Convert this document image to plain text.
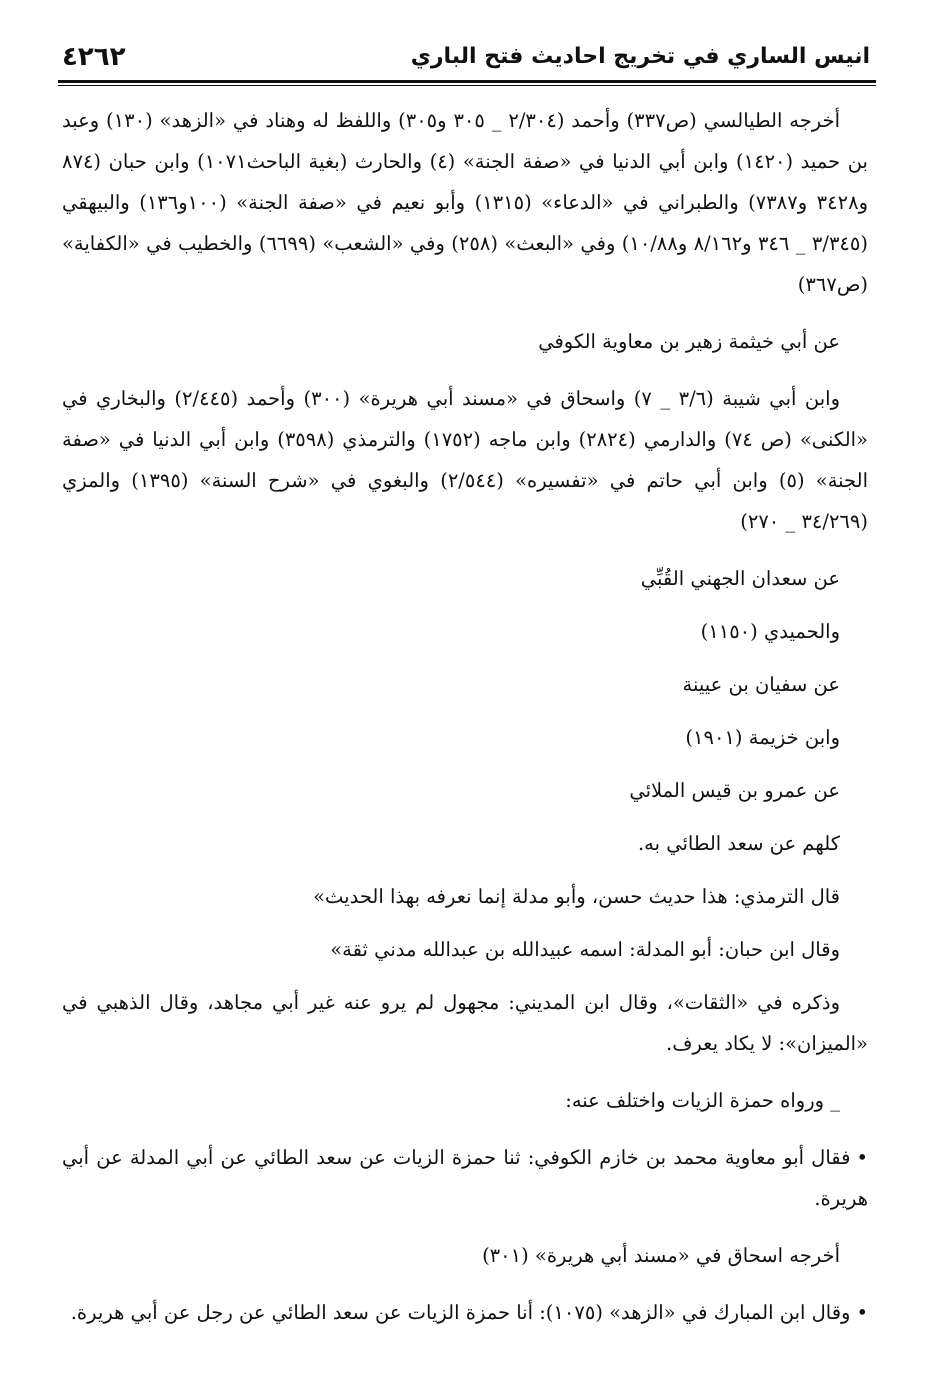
٤٢٦٢	انيس الساري في تخريج احاديث فتح الباري

أخرجه الطيالسي (ص٣٣٧) وأحمد (٢/٣٠٤ _ ٣٠٥ و٣٠٥) واللفظ له وهناد في «الزهد» (١٣٠) وعبد بن حميد (١٤٢٠) وابن أبي الدنيا في «صفة الجنة» (٤) والحارث (بغية الباحث١٠٧١) وابن حبان (٨٧٤ و٣٤٢٨ و٧٣٨٧) والطبراني في «الدعاء» (١٣١٥) وأبو نعيم في «صفة الجنة» (١٠٠و١٣٦) والبيهقي (٣/٣٤٥ _ ٣٤٦ و٨/١٦٢ و١٠/٨٨) وفي «البعث» (٢٥٨) وفي «الشعب» (٦٦٩٩) والخطيب في «الكفاية» (ص٣٦٧)

عن أبي خيثمة زهير بن معاوية الكوفي

وابن أبي شيبة (٣/٦ _ ٧) واسحاق في «مسند أبي هريرة» (٣٠٠) وأحمد (٢/٤٤٥) والبخاري في «الكنى» (ص ٧٤) والدارمي (٢٨٢٤) وابن ماجه (١٧٥٢) والترمذي (٣٥٩٨) وابن أبي الدنيا في «صفة الجنة» (٥) وابن أبي حاتم في «تفسيره» (٢/٥٤٤) والبغوي في «شرح السنة» (١٣٩٥) والمزي (٣٤/٢٦٩ _ ٢٧٠)

عن سعدان الجهني القُبِّي

والحميدي (١١٥٠)

عن سفيان بن عيينة

وابن خزيمة (١٩٠١)

عن عمرو بن قيس الملائي

كلهم عن سعد الطائي به.

قال الترمذي: هذا حديث حسن، وأبو مدلة إنما نعرفه بهذا الحديث»

وقال ابن حبان: أبو المدلة: اسمه عبيدالله بن عبدالله مدني ثقة»

وذكره في «الثقات»، وقال ابن المديني: مجهول لم يرو عنه غير أبي مجاهد، وقال الذهبي في «الميزان»: لا يكاد يعرف.

_ ورواه حمزة الزيات واختلف عنه:

•فقال أبو معاوية محمد بن خازم الكوفي: ثنا حمزة الزيات عن سعد الطائي عن أبي المدلة عن أبي هريرة.

أخرجه اسحاق في «مسند أبي هريرة» (٣٠١)

•وقال ابن المبارك في «الزهد» (١٠٧٥): أنا حمزة الزيات عن سعد الطائي عن رجل عن أبي هريرة.
